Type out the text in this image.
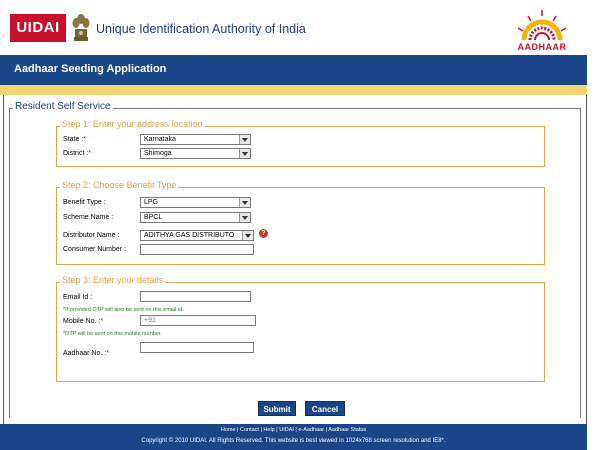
UIDAI	Unique Identification Authority of India
AADHAAR
Aadhaar Seeding Application
Resident Self Service
Step 1: Enter your address location
State :*	Karnataka
District :*	Shimoga
Step 2: Choose Benefit Type
Benefit Type :	LPG
Scheme Name :	BPCL
Distributor Name :	ADITHYA GAS DISTRIBUTO	?
Consumer Number :
Step 3: Enter your details
Email Id :
*If provided OTP will also be sent on this email id.
Mobile No. :*	+91
*OTP will be sent on this mobile number.
Aadhaar No. :*
Submit	Cancel
Home | Contact | Help | UIDAI | e-Aadhaar | Aadhaar Status
Copyright © 2010 UIDAI. All Rights Reserved. This website is best viewed in 1024x768 screen resolution and IE8*.
